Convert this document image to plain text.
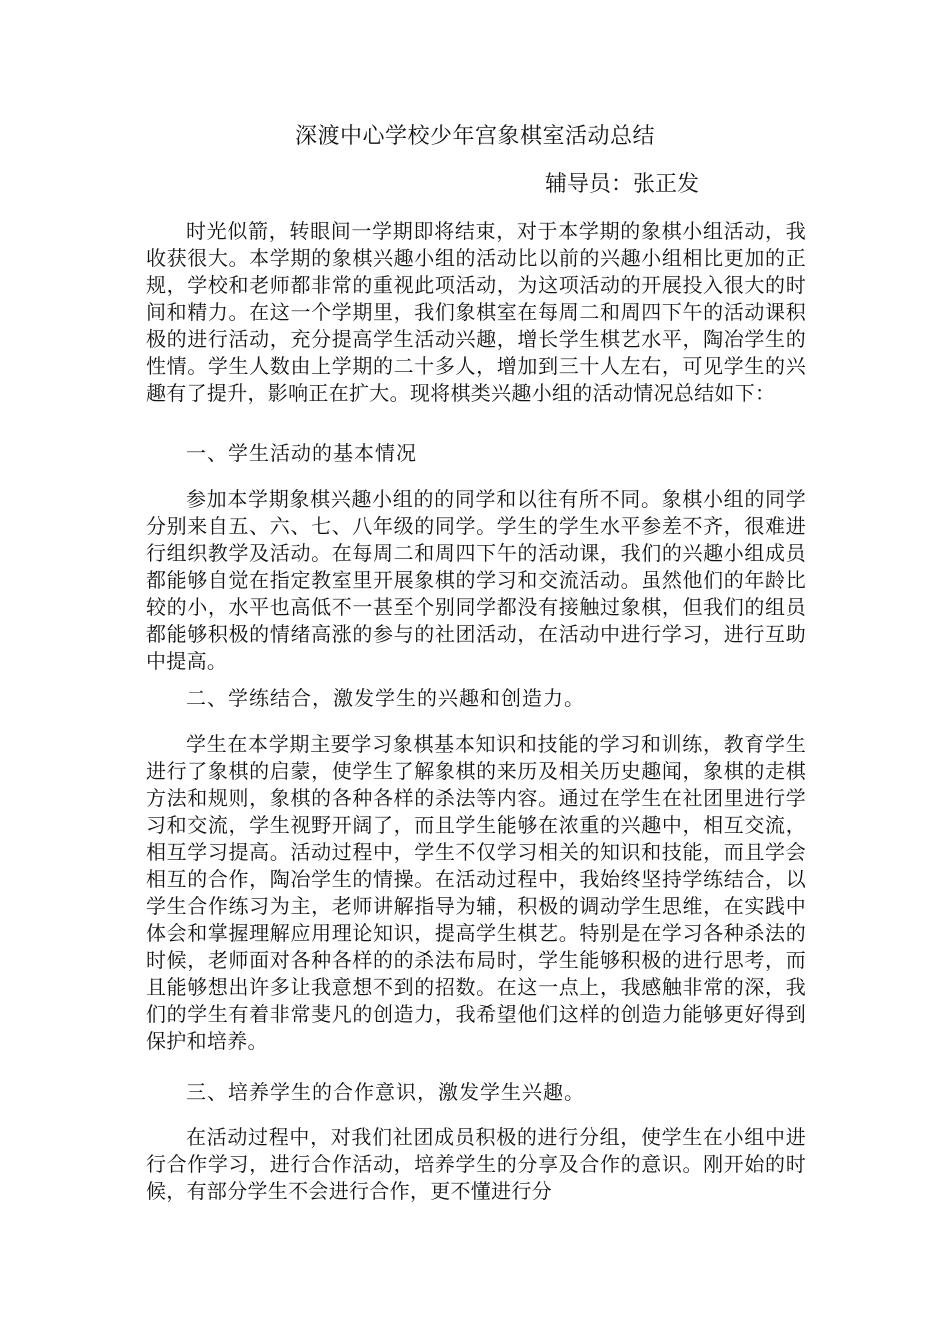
深渡中心学校少年宫象棋室活动总结
辅导员：张正发

时光似箭，转眼间一学期即将结束，对于本学期的象棋小组活动，我收获很大。本学期的象棋兴趣小组的活动比以前的兴趣小组相比更加的正规，学校和老师都非常的重视此项活动，为这项活动的开展投入很大的时间和精力。在这一个学期里，我们象棋室在每周二和周四下午的活动课积极的进行活动，充分提高学生活动兴趣，增长学生棋艺水平，陶冶学生的性情。学生人数由上学期的二十多人，增加到三十人左右，可见学生的兴趣有了提升，影响正在扩大。现将棋类兴趣小组的活动情况总结如下：

一、学生活动的基本情况

参加本学期象棋兴趣小组的的同学和以往有所不同。象棋小组的同学分别来自五、六、七、八年级的同学。学生的学生水平参差不齐，很难进行组织教学及活动。在每周二和周四下午的活动课，我们的兴趣小组成员都能够自觉在指定教室里开展象棋的学习和交流活动。虽然他们的年龄比较的小，水平也高低不一甚至个别同学都没有接触过象棋，但我们的组员都能够积极的情绪高涨的参与的社团活动，在活动中进行学习，进行互助中提高。

二、学练结合，激发学生的兴趣和创造力。

学生在本学期主要学习象棋基本知识和技能的学习和训练，教育学生进行了象棋的启蒙，使学生了解象棋的来历及相关历史趣闻，象棋的走棋方法和规则，象棋的各种各样的杀法等内容。通过在学生在社团里进行学习和交流，学生视野开阔了，而且学生能够在浓重的兴趣中，相互交流，相互学习提高。活动过程中，学生不仅学习相关的知识和技能，而且学会相互的合作，陶冶学生的情操。在活动过程中，我始终坚持学练结合，以学生合作练习为主，老师讲解指导为辅，积极的调动学生思维，在实践中体会和掌握理解应用理论知识，提高学生棋艺。特别是在学习各种杀法的时候，老师面对各种各样的的杀法布局时，学生能够积极的进行思考，而且能够想出许多让我意想不到的招数。在这一点上，我感触非常的深，我们的学生有着非常斐凡的创造力，我希望他们这样的创造力能够更好得到保护和培养。

三、培养学生的合作意识，激发学生兴趣。

在活动过程中，对我们社团成员积极的进行分组，使学生在小组中进行合作学习，进行合作活动，培养学生的分享及合作的意识。刚开始的时候，有部分学生不会进行合作，更不懂进行分
